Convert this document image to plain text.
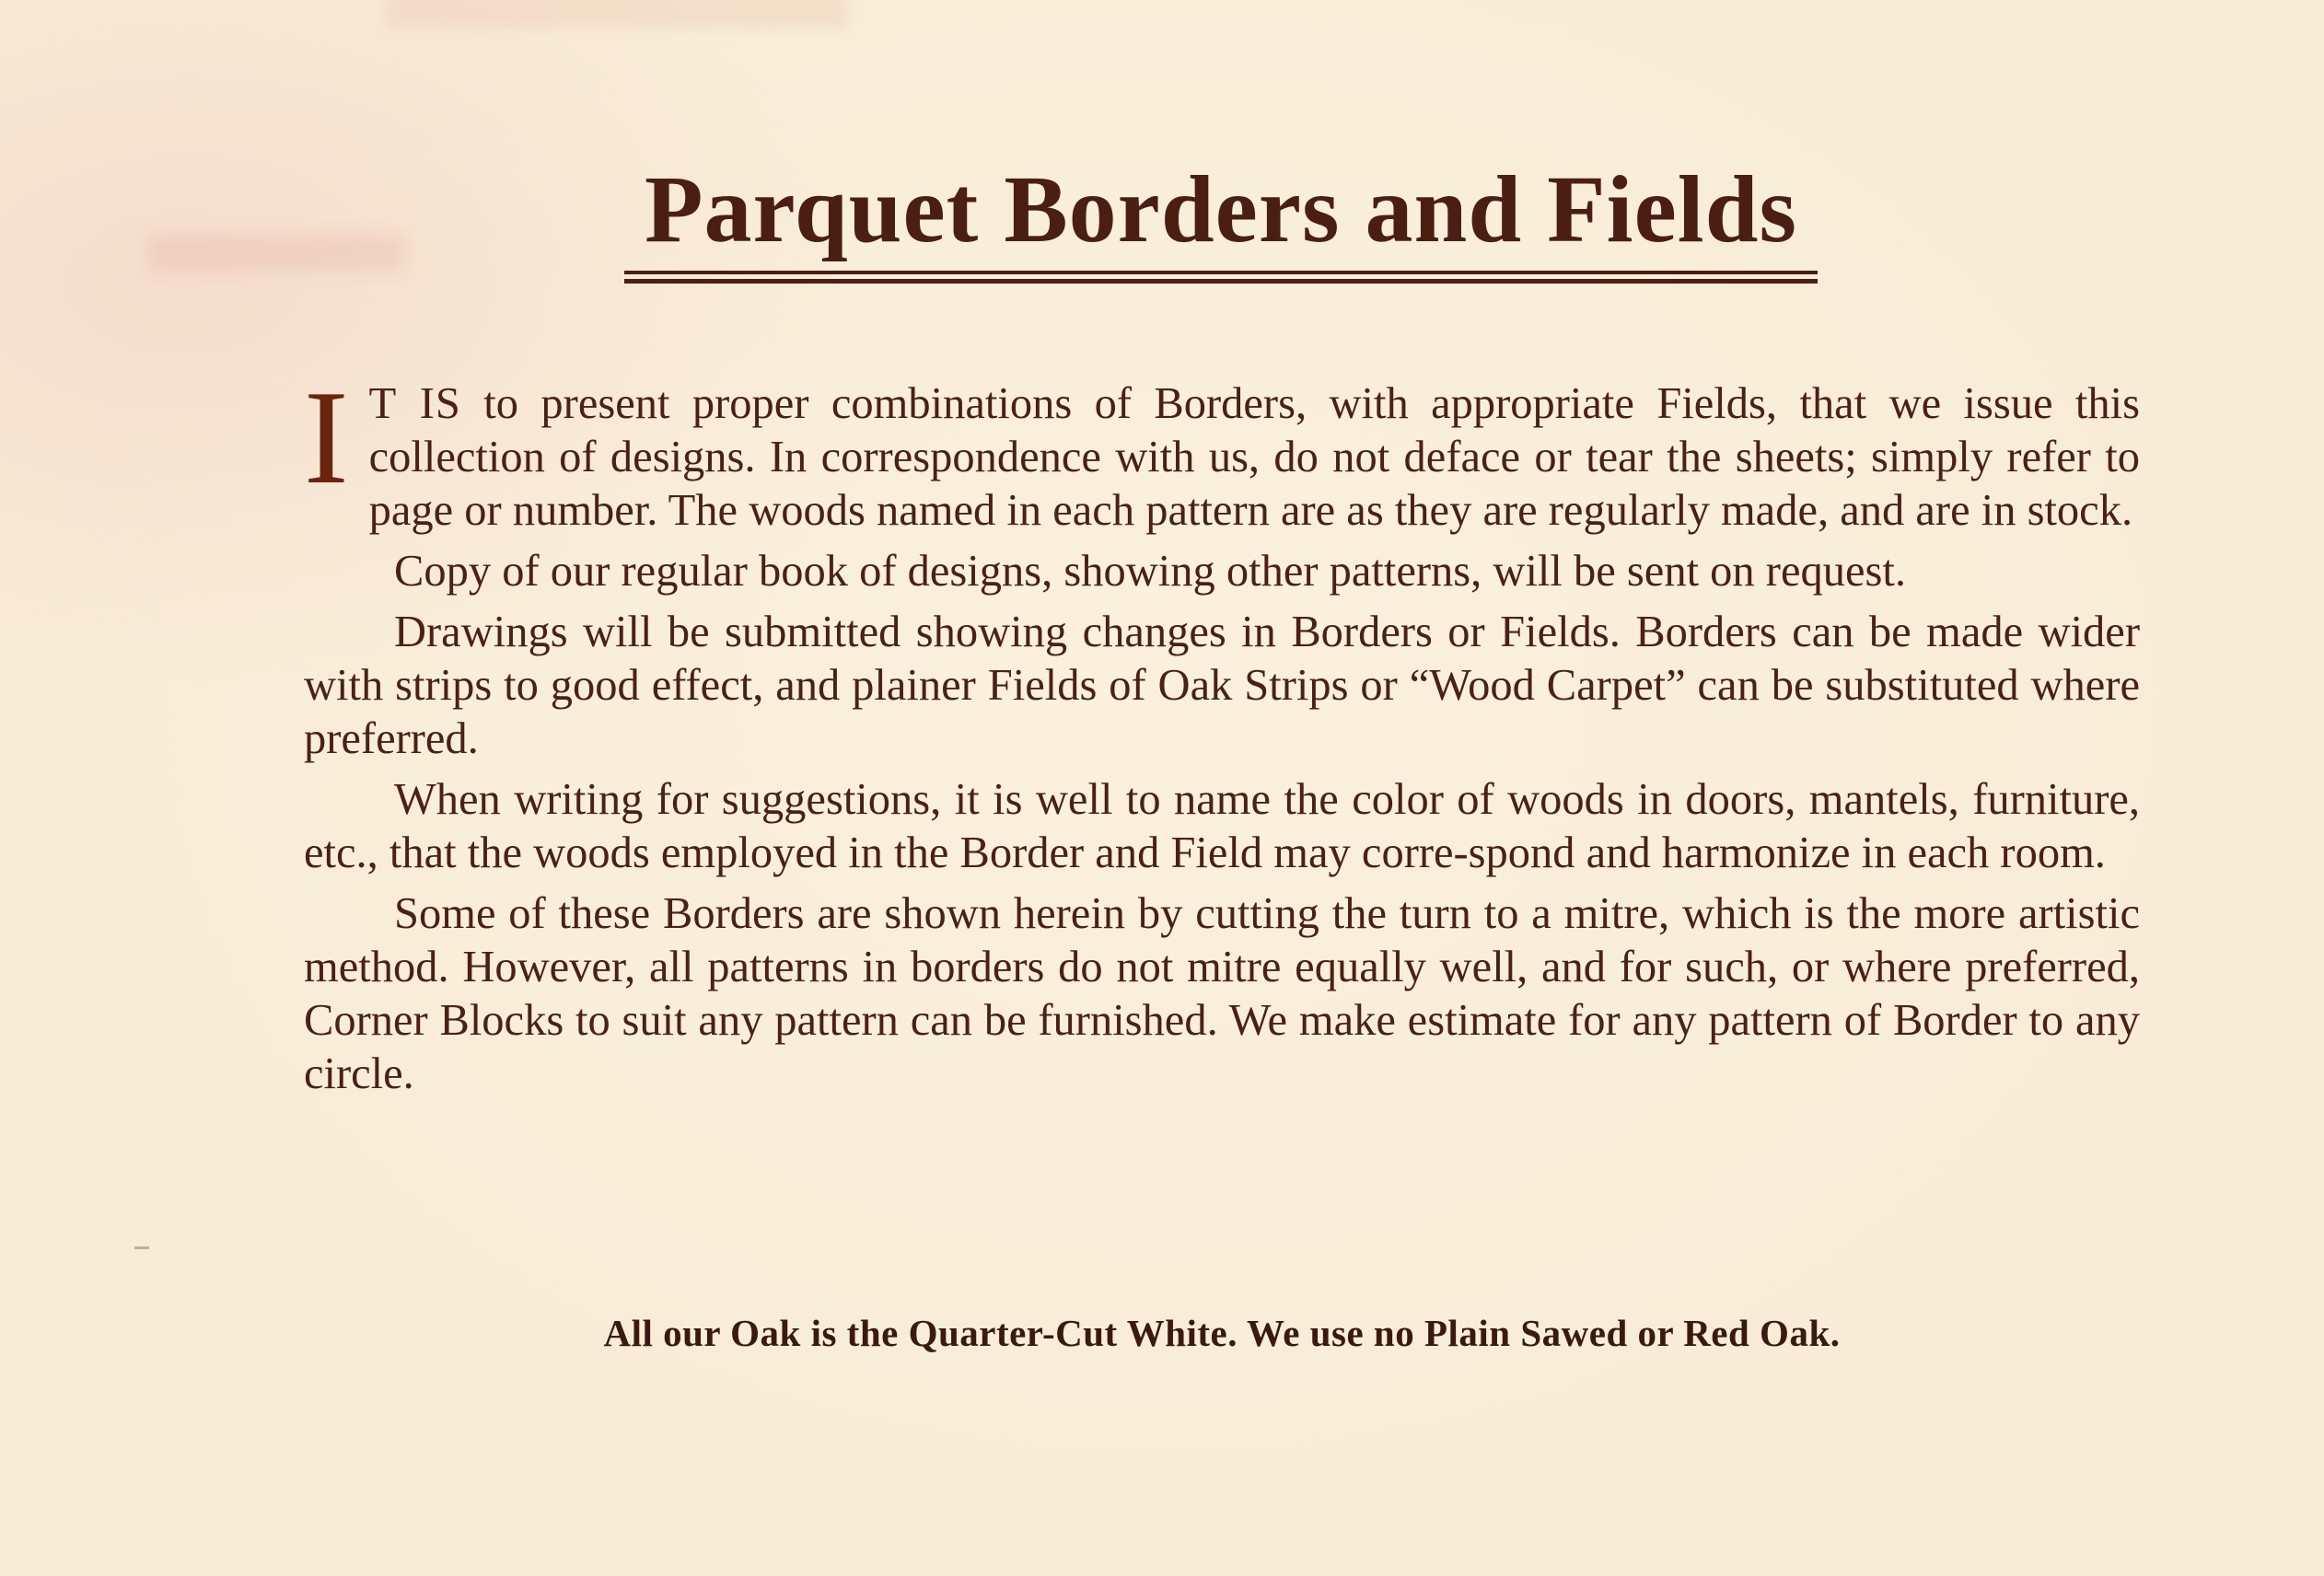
Parquet Borders and Fields

I T IS to present proper combinations of Borders, with appropriate Fields, that we issue this collection of designs. In correspondence with us, do not deface or tear the sheets; simply refer to page or number. The woods named in each pattern are as they are regularly made, and are in stock.

Copy of our regular book of designs, showing other patterns, will be sent on request.

Drawings will be submitted showing changes in Borders or Fields. Borders can be made wider with strips to good effect, and plainer Fields of Oak Strips or “Wood Carpet” can be substituted where preferred.

When writing for suggestions, it is well to name the color of woods in doors, mantels, furniture, etc., that the woods employed in the Border and Field may corre-spond and harmonize in each room.

Some of these Borders are shown herein by cutting the turn to a mitre, which is the more artistic method. However, all patterns in borders do not mitre equally well, and for such, or where preferred, Corner Blocks to suit any pattern can be furnished. We make estimate for any pattern of Border to any circle.

All our Oak is the Quarter-Cut White. We use no Plain Sawed or Red Oak.
